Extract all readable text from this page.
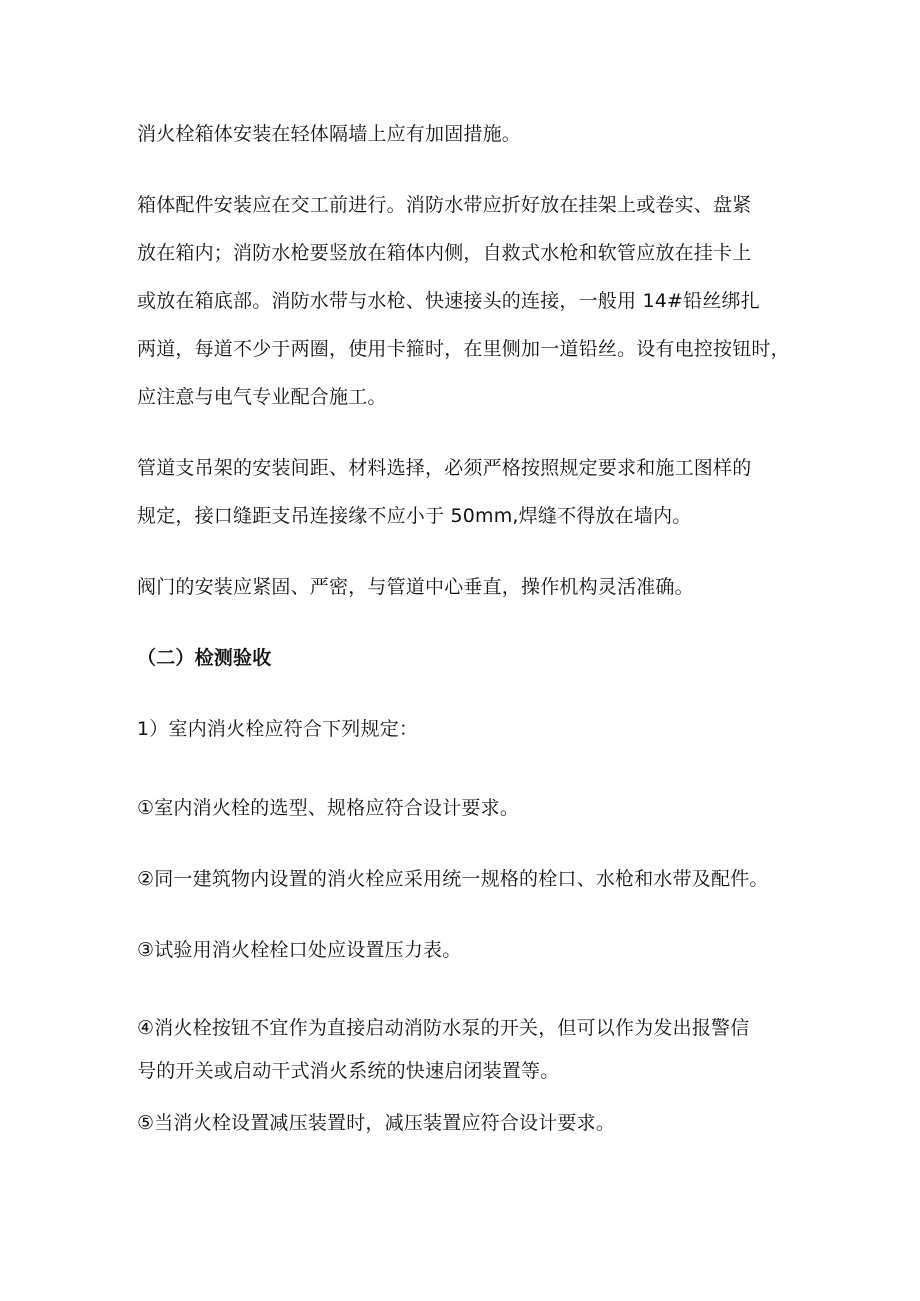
消火栓箱体安装在轻体隔墙上应有加固措施。
箱体配件安装应在交工前进行。消防水带应折好放在挂架上或卷实、盘紧
放在箱内；消防水枪要竖放在箱体内侧，自救式水枪和软管应放在挂卡上
或放在箱底部。消防水带与水枪、快速接头的连接，一般用 14#铅丝绑扎
两道，每道不少于两圈，使用卡箍时，在里侧加一道铅丝。设有电控按钮时，
应注意与电气专业配合施工。
管道支吊架的安装间距、材料选择，必须严格按照规定要求和施工图样的
规定，接口缝距支吊连接缘不应小于 50mm,焊缝不得放在墙内。
阀门的安装应紧固、严密，与管道中心垂直，操作机构灵活准确。
（二）检测验收
1）室内消火栓应符合下列规定：
①室内消火栓的选型、规格应符合设计要求。
②同一建筑物内设置的消火栓应采用统一规格的栓口、水枪和水带及配件。
③试验用消火栓栓口处应设置压力表。
④消火栓按钮不宜作为直接启动消防水泵的开关，但可以作为发出报警信
号的开关或启动干式消火系统的快速启闭装置等。
⑤当消火栓设置减压装置时，减压装置应符合设计要求。
